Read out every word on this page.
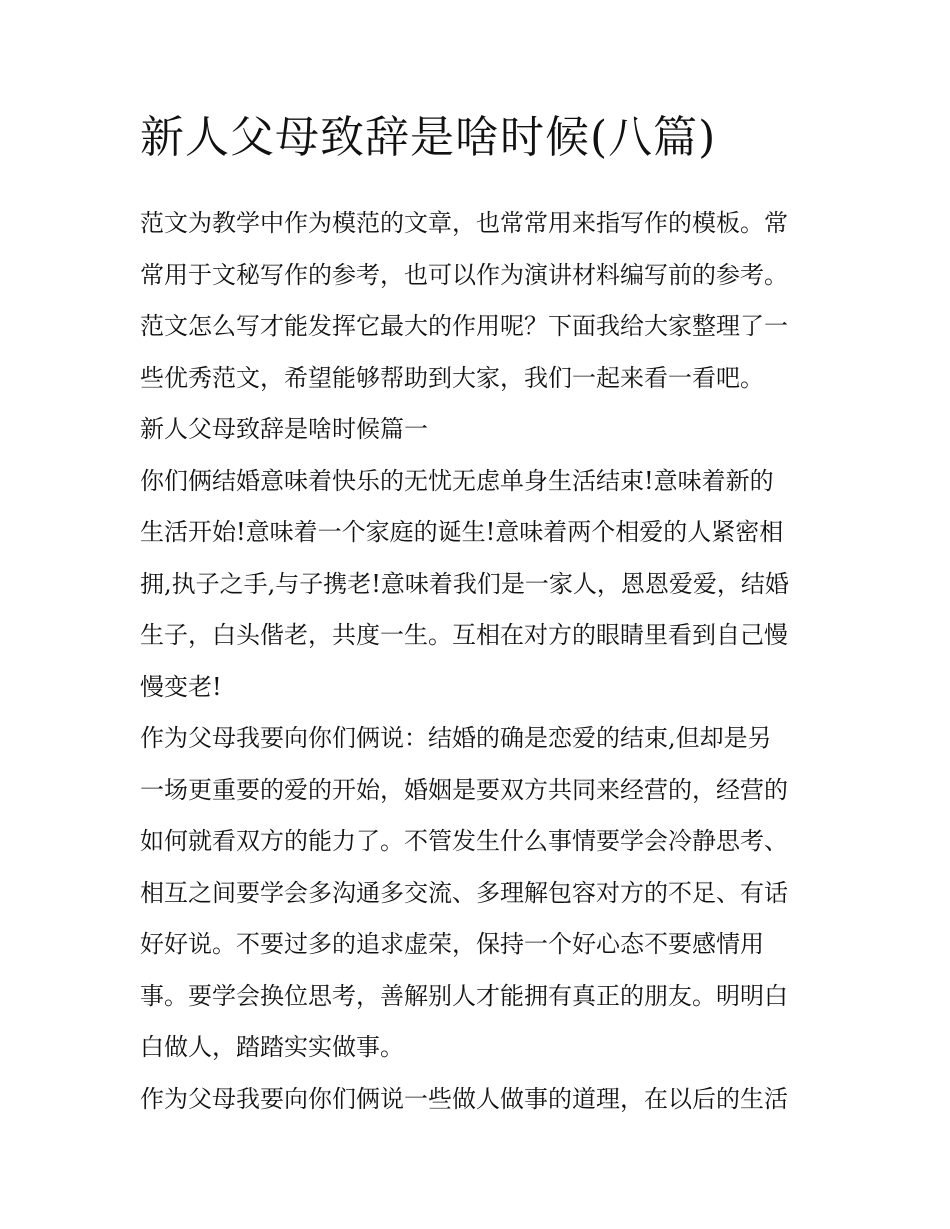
新人父母致辞是啥时候(八篇)
范文为教学中作为模范的文章，也常常用来指写作的模板。常
常用于文秘写作的参考，也可以作为演讲材料编写前的参考。
范文怎么写才能发挥它最大的作用呢？下面我给大家整理了一
些优秀范文，希望能够帮助到大家，我们一起来看一看吧。
新人父母致辞是啥时候篇一
你们俩结婚意味着快乐的无忧无虑单身生活结束!意味着新的
生活开始!意味着一个家庭的诞生!意味着两个相爱的人紧密相
拥,执子之手,与子携老!意味着我们是一家人，恩恩爱爱，结婚
生子，白头偕老，共度一生。互相在对方的眼睛里看到自己慢
慢变老!
作为父母我要向你们俩说：结婚的确是恋爱的结束,但却是另
一场更重要的爱的开始，婚姻是要双方共同来经营的，经营的
如何就看双方的能力了。不管发生什么事情要学会冷静思考、
相互之间要学会多沟通多交流、多理解包容对方的不足、有话
好好说。不要过多的追求虚荣，保持一个好心态不要感情用
事。要学会换位思考，善解别人才能拥有真正的朋友。明明白
白做人，踏踏实实做事。
作为父母我要向你们俩说一些做人做事的道理，在以后的生活
